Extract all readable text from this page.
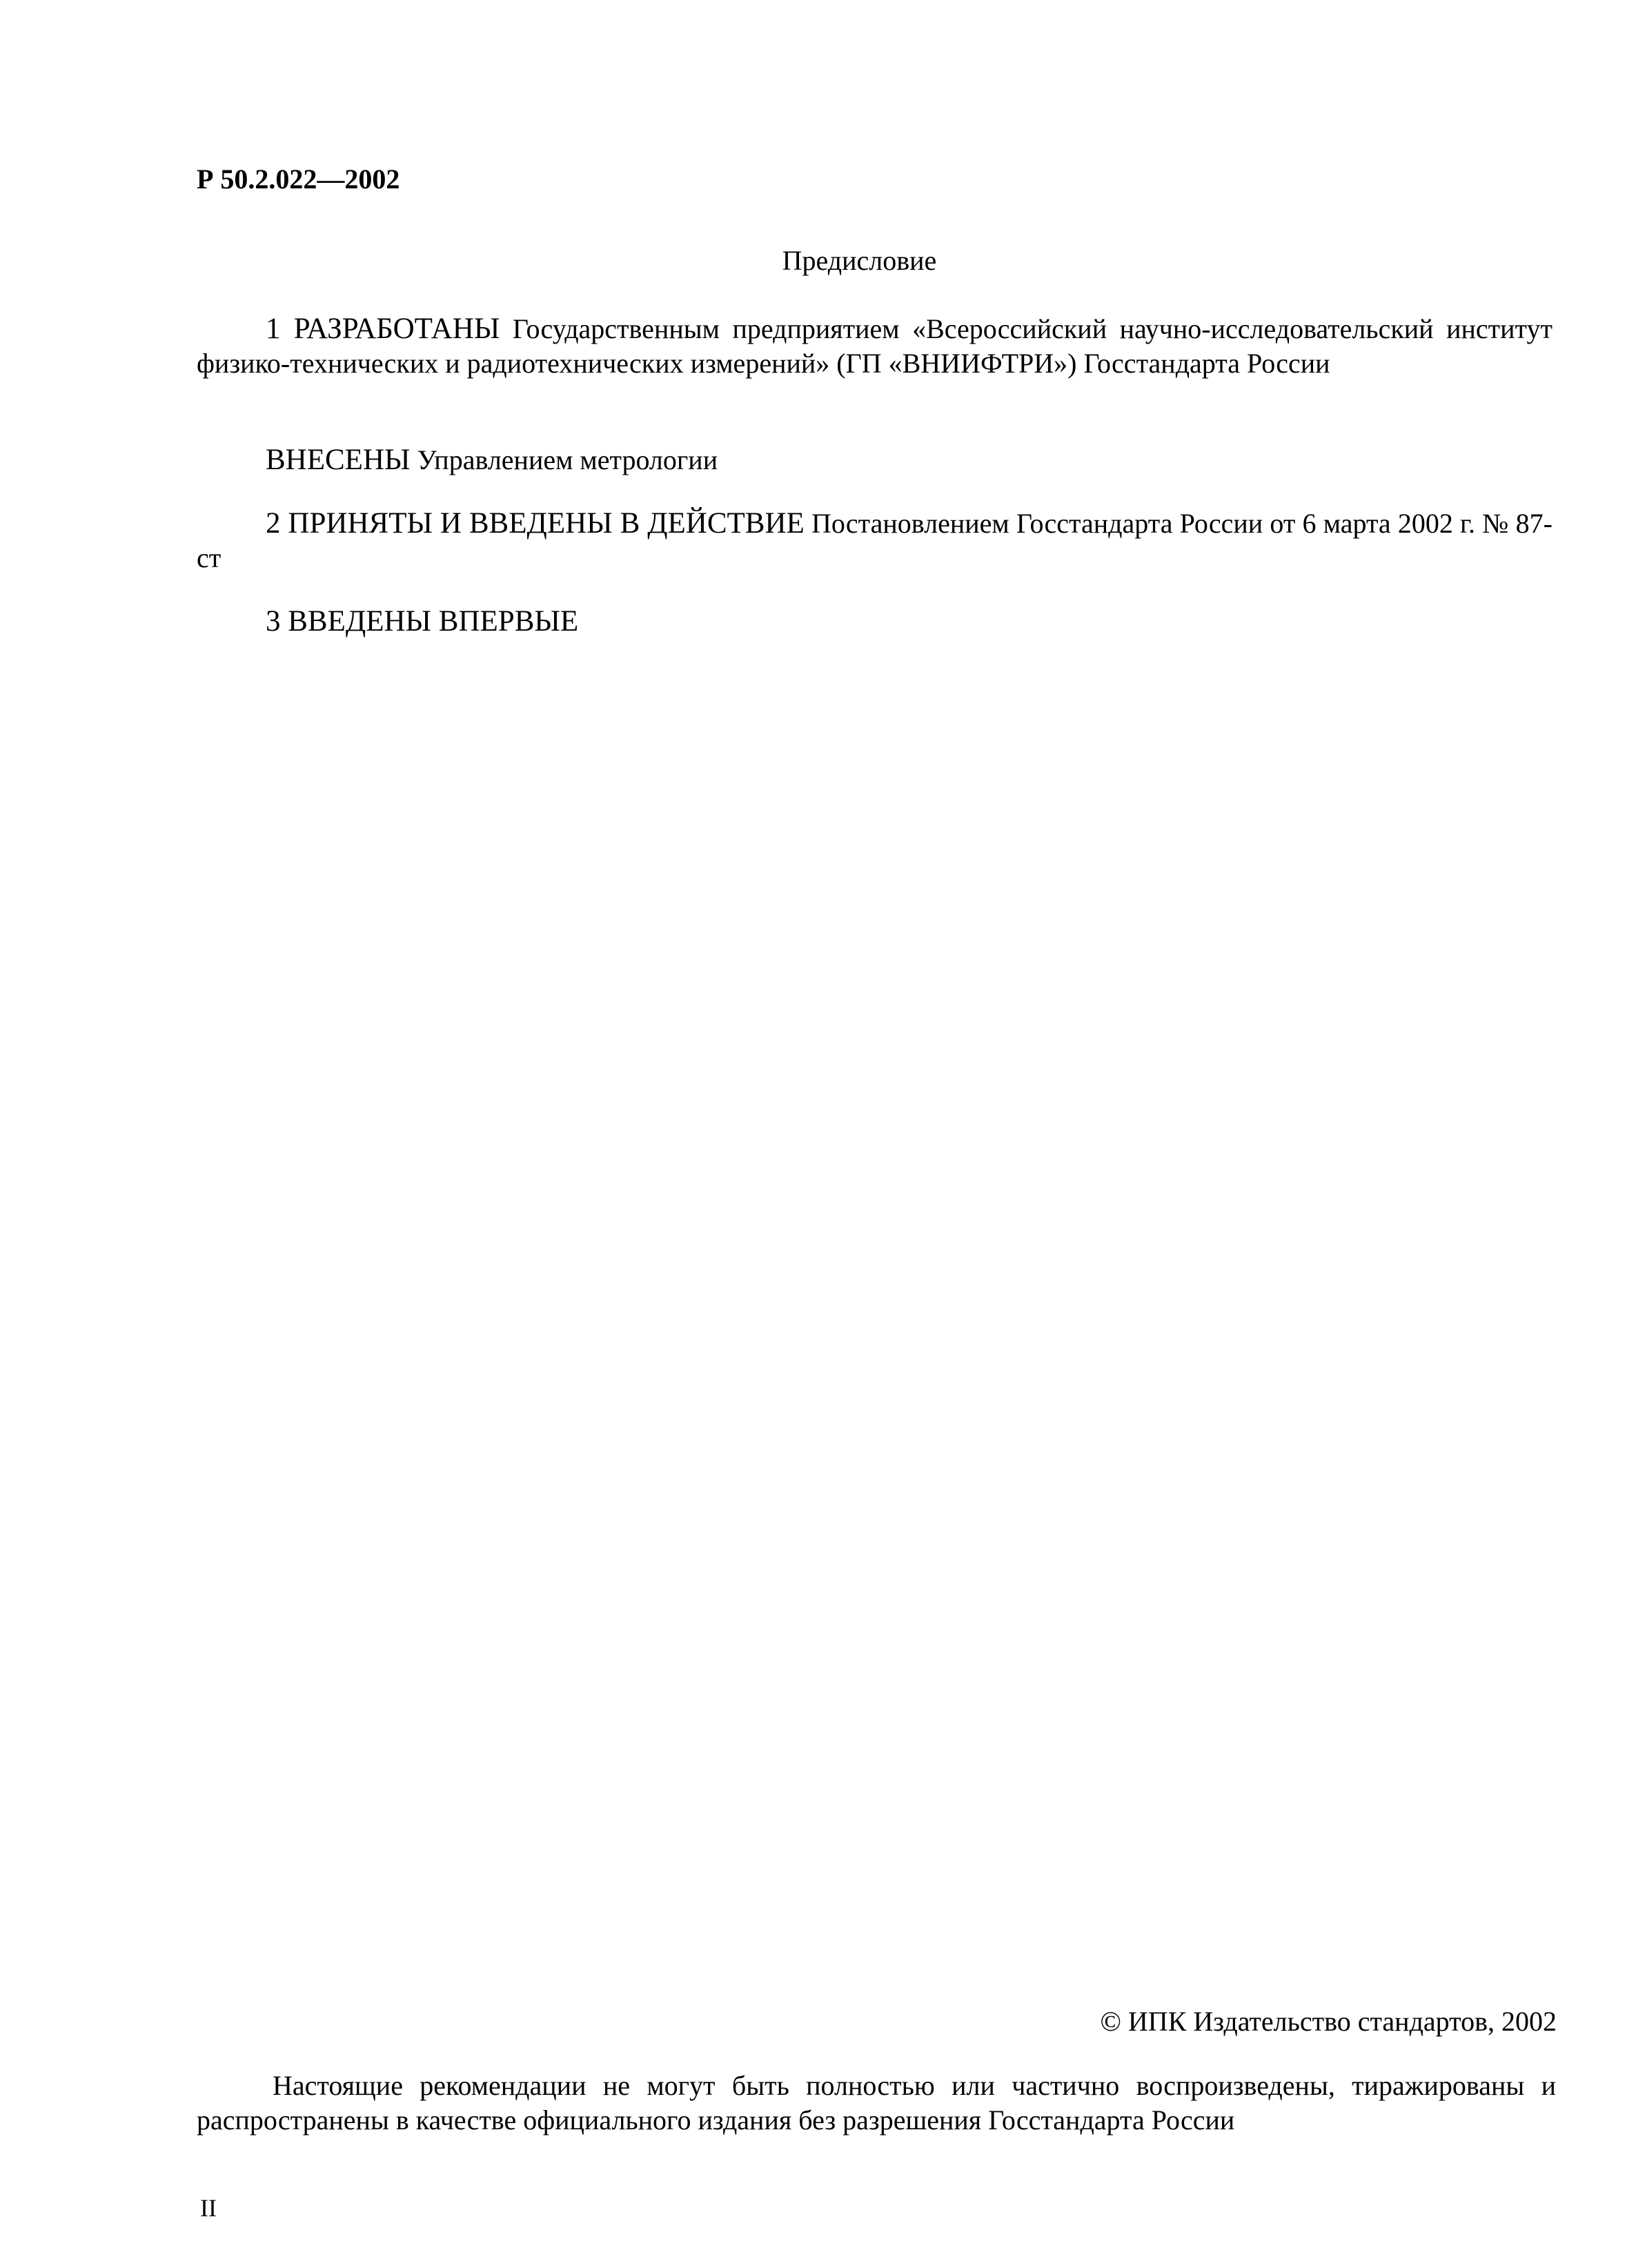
Р 50.2.022—2002
Предисловие

1 РАЗРАБОТАНЫ Государственным предприятием «Всероссийский научно-исследовательский институт физико-технических и радиотехнических измерений» (ГП «ВНИИФТРИ») Госстандарта России

ВНЕСЕНЫ Управлением метрологии

2 ПРИНЯТЫ И ВВЕДЕНЫ В ДЕЙСТВИЕ Постановлением Госстандарта России от 6 марта 2002 г. № 87-ст

3 ВВЕДЕНЫ ВПЕРВЫЕ

© ИПК Издательство стандартов, 2002

Настоящие рекомендации не могут быть полностью или частично воспроизведены, тиражированы и распространены в качестве официального издания без разрешения Госстандарта России

II
